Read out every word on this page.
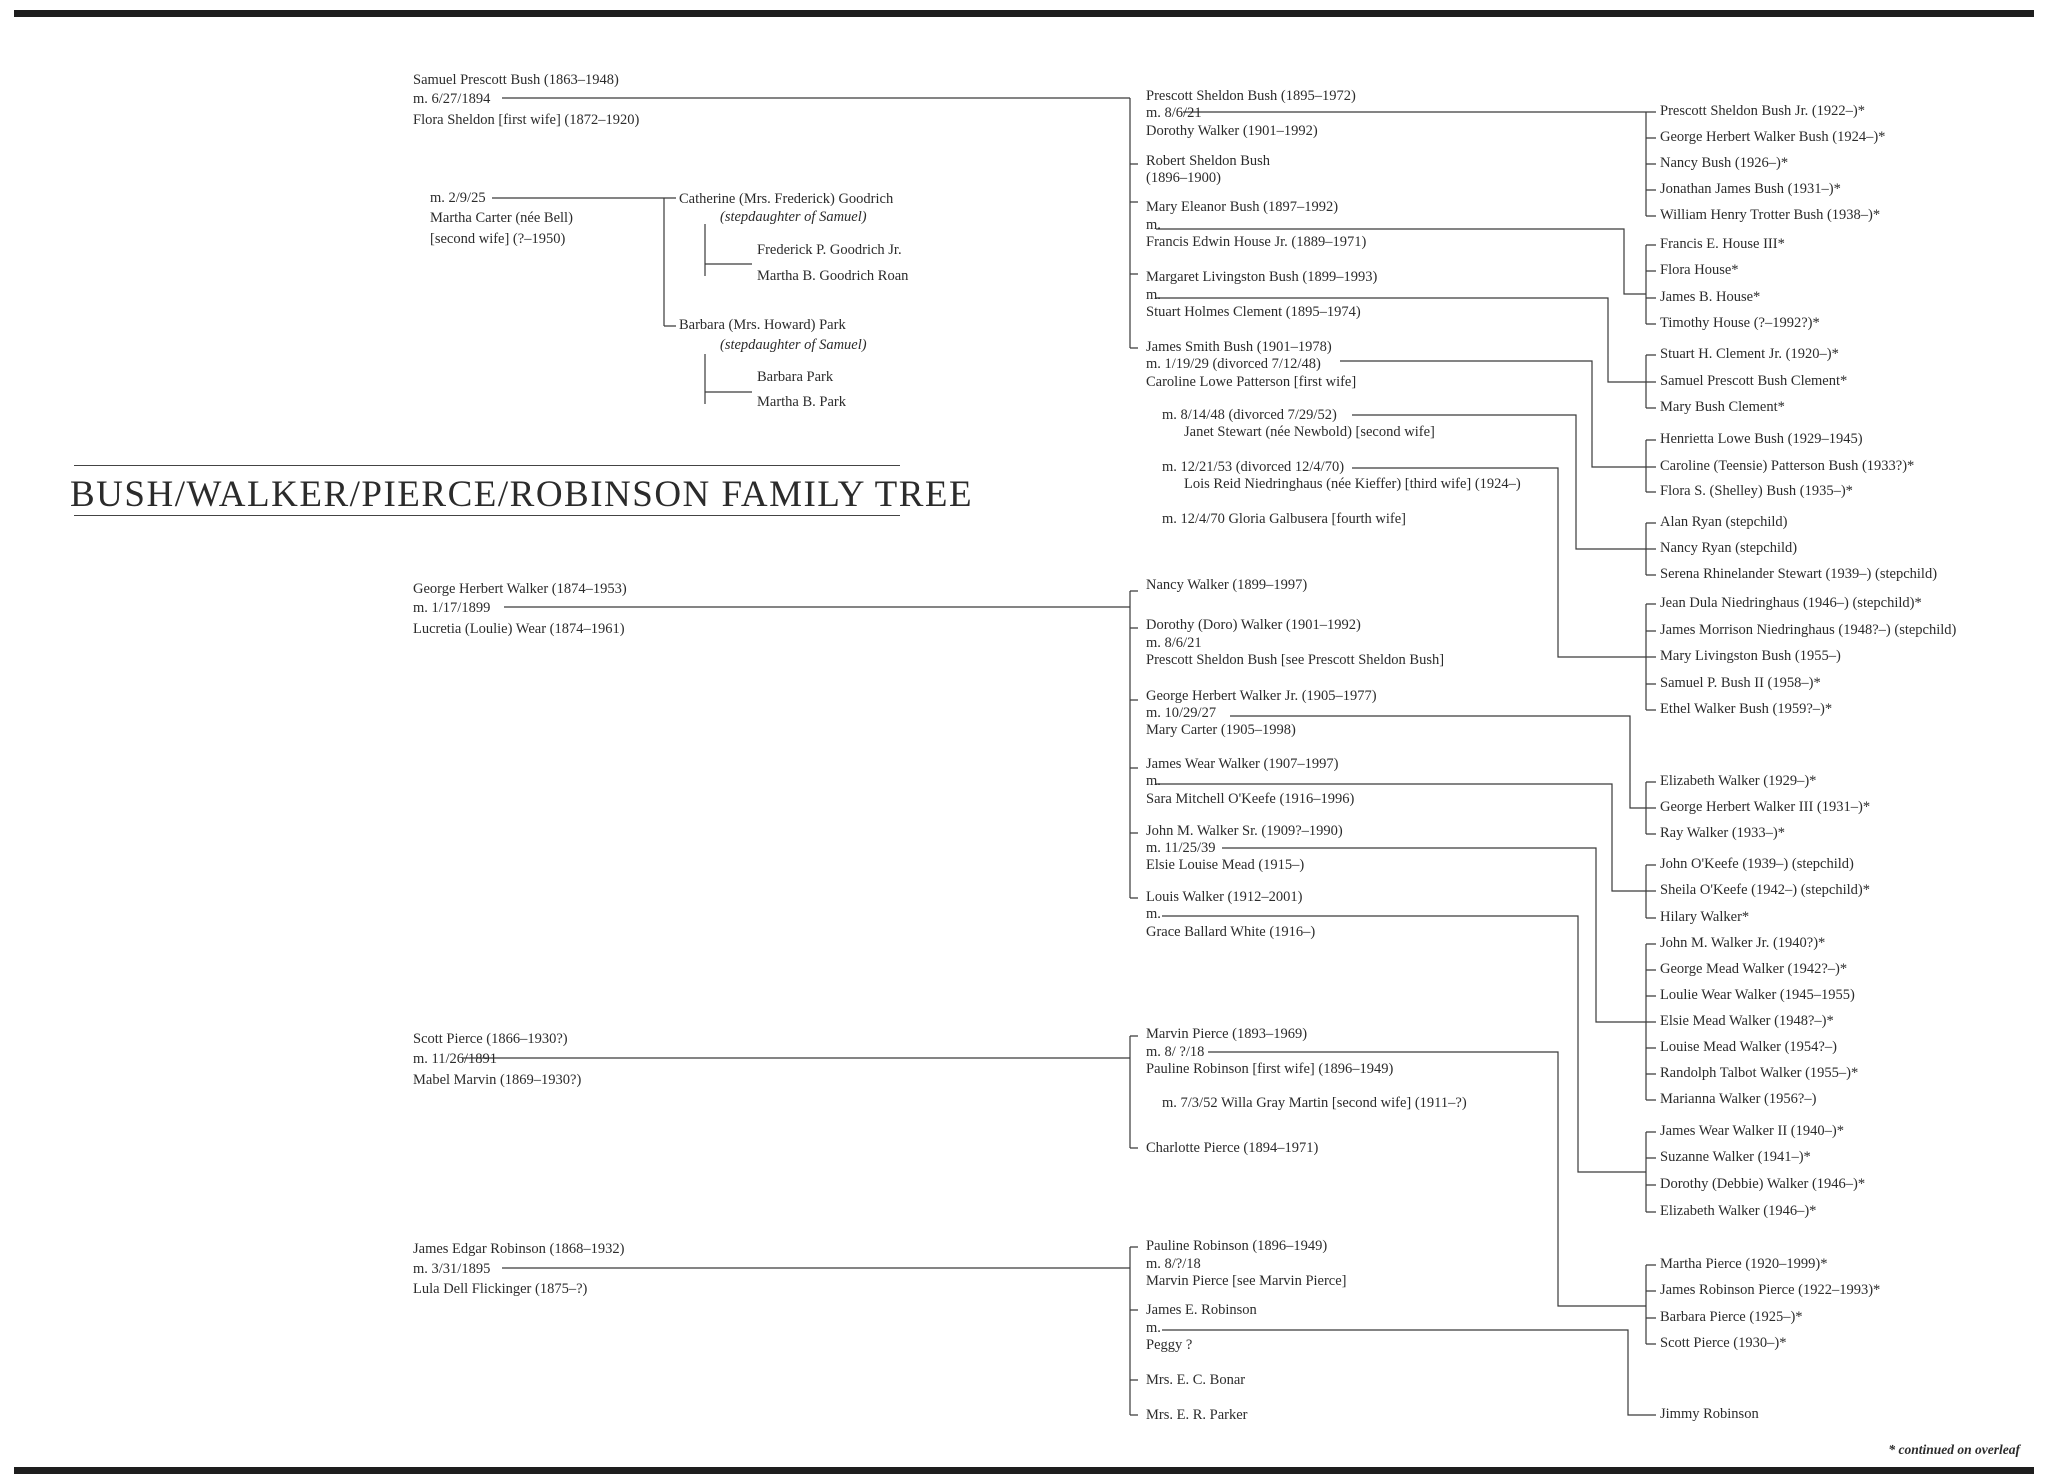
BUSH/WALKER/PIERCE/ROBINSON FAMILY TREE
Samuel Prescott Bush (1863–1948)
m. 6/27/1894
Flora Sheldon [first wife] (1872–1920)
m. 2/9/25
Martha Carter (née Bell)
[second wife] (?–1950)
Catherine (Mrs. Frederick) Goodrich
(stepdaughter of Samuel)
Frederick P. Goodrich Jr.
Martha B. Goodrich Roan
Barbara (Mrs. Howard) Park
(stepdaughter of Samuel)
Barbara Park
Martha B. Park
George Herbert Walker (1874–1953)
m. 1/17/1899
Lucretia (Loulie) Wear (1874–1961)
Scott Pierce (1866–1930?)
m. 11/26/1891
Mabel Marvin (1869–1930?)
James Edgar Robinson (1868–1932)
m. 3/31/1895
Lula Dell Flickinger (1875–?)
Prescott Sheldon Bush (1895–1972)
m. 8/6/21
Dorothy Walker (1901–1992)
Robert Sheldon Bush
(1896–1900)
Mary Eleanor Bush (1897–1992)
m.
Francis Edwin House Jr. (1889–1971)
Margaret Livingston Bush (1899–1993)
m.
Stuart Holmes Clement (1895–1974)
James Smith Bush (1901–1978)
m. 1/19/29 (divorced 7/12/48)
Caroline Lowe Patterson [first wife]
m. 8/14/48 (divorced 7/29/52)
Janet Stewart (née Newbold) [second wife]
m. 12/21/53 (divorced 12/4/70)
Lois Reid Niedringhaus (née Kieffer) [third wife] (1924–)
m. 12/4/70 Gloria Galbusera [fourth wife]
Nancy Walker (1899–1997)
Dorothy (Doro) Walker (1901–1992)
m. 8/6/21
Prescott Sheldon Bush [see Prescott Sheldon Bush]
George Herbert Walker Jr. (1905–1977)
m. 10/29/27
Mary Carter (1905–1998)
James Wear Walker (1907–1997)
m.
Sara Mitchell O'Keefe (1916–1996)
John M. Walker Sr. (1909?–1990)
m. 11/25/39
Elsie Louise Mead (1915–)
Louis Walker (1912–2001)
m.
Grace Ballard White (1916–)
Marvin Pierce (1893–1969)
m. 8/ ?/18
Pauline Robinson [first wife] (1896–1949)
m. 7/3/52 Willa Gray Martin [second wife] (1911–?)
Charlotte Pierce (1894–1971)
Pauline Robinson (1896–1949)
m. 8/?/18
Marvin Pierce [see Marvin Pierce]
James E. Robinson
m.
Peggy ?
Mrs. E. C. Bonar
Mrs. E. R. Parker
Prescott Sheldon Bush Jr. (1922–)*
George Herbert Walker Bush (1924–)*
Nancy Bush (1926–)*
Jonathan James Bush (1931–)*
William Henry Trotter Bush (1938–)*
Francis E. House III*
Flora House*
James B. House*
Timothy House (?–1992?)*
Stuart H. Clement Jr. (1920–)*
Samuel Prescott Bush Clement*
Mary Bush Clement*
Henrietta Lowe Bush (1929–1945)
Caroline (Teensie) Patterson Bush (1933?)*
Flora S. (Shelley) Bush (1935–)*
Alan Ryan (stepchild)
Nancy Ryan (stepchild)
Serena Rhinelander Stewart (1939–) (stepchild)
Jean Dula Niedringhaus (1946–) (stepchild)*
James Morrison Niedringhaus (1948?–) (stepchild)
Mary Livingston Bush (1955–)
Samuel P. Bush II (1958–)*
Ethel Walker Bush (1959?–)*
Elizabeth Walker (1929–)*
George Herbert Walker III (1931–)*
Ray Walker (1933–)*
John O'Keefe (1939–) (stepchild)
Sheila O'Keefe (1942–) (stepchild)*
Hilary Walker*
John M. Walker Jr. (1940?)*
George Mead Walker (1942?–)*
Loulie Wear Walker (1945–1955)
Elsie Mead Walker (1948?–)*
Louise Mead Walker (1954?–)
Randolph Talbot Walker (1955–)*
Marianna Walker (1956?–)
James Wear Walker II (1940–)*
Suzanne Walker (1941–)*
Dorothy (Debbie) Walker (1946–)*
Elizabeth Walker (1946–)*
Martha Pierce (1920–1999)*
James Robinson Pierce (1922–1993)*
Barbara Pierce (1925–)*
Scott Pierce (1930–)*
Jimmy Robinson
* continued on overleaf
